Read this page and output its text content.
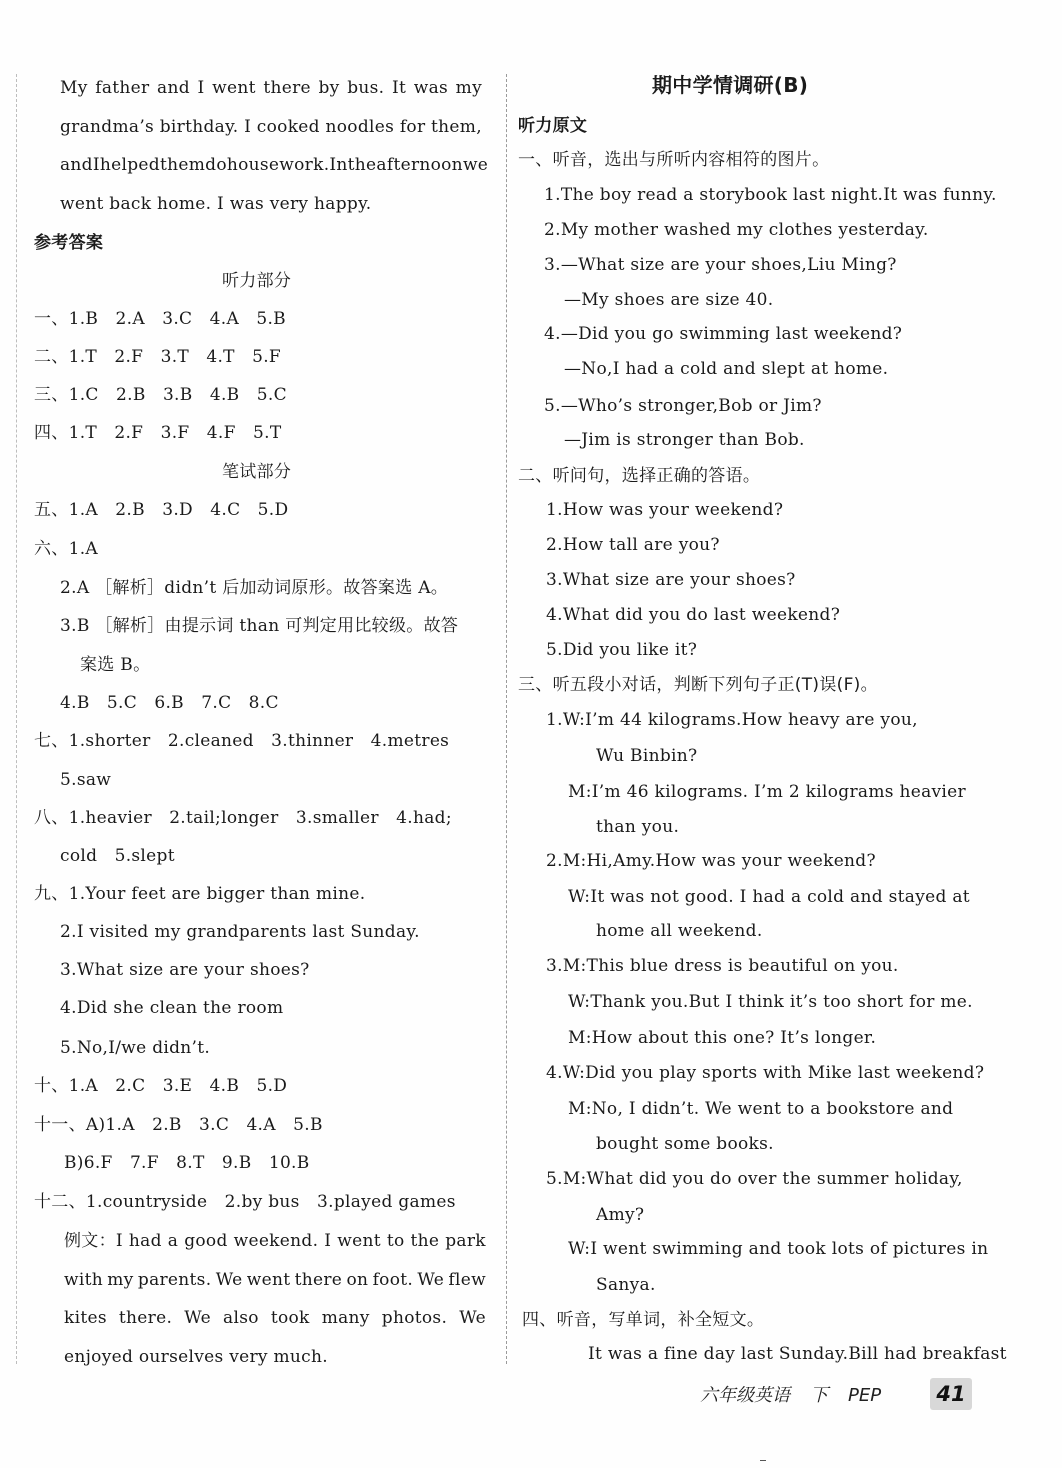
My father and I went there by bus. It was my
grandma’s birthday. I cooked noodles for them,
and I helped them do housework. In the afternoon we
went back home. I was very happy.
参考答案
听力部分
一、1.B　2.A　3.C　4.A　5.B
二、1.T　2.F　3.T　4.T　5.F
三、1.C　2.B　3.B　4.B　5.C
四、1.T　2.F　3.F　4.F　5.T
笔试部分
五、1.A　2.B　3.D　4.C　5.D
六、1.A
2.A ［解析］didn’t 后加动词原形。故答案选 A。
3.B ［解析］由提示词 than 可判定用比较级。故答
案选 B。
4.B　5.C　6.B　7.C　8.C
七、1.shorter　2.cleaned　3.thinner　4.metres
5.saw
八、1.heavier　2.tail;longer　3.smaller　4.had;
cold　5.slept
九、1.Your feet are bigger than mine.
2.I visited my grandparents last Sunday.
3.What size are your shoes?
4.Did she clean the room
5.No,I/we didn’t.
十、1.A　2.C　3.E　4.B　5.D
十一、A)1.A　2.B　3.C　4.A　5.B
B)6.F　7.F　8.T　9.B　10.B
十二、1.countryside　2.by bus　3.played games
例文：I had a good weekend. I went to the park
with my parents. We went there on foot. We flew
kites there. We also took many photos. We
enjoyed ourselves very much.
期中学情调研(B)
听力原文
一、听音，选出与所听内容相符的图片。
1.The boy read a storybook last night.It was funny.
2.My mother washed my clothes yesterday.
3.—What size are your shoes,Liu Ming?
—My shoes are size 40.
4.—Did you go swimming last weekend?
—No,I had a cold and slept at home.
5.—Who’s stronger,Bob or Jim?
—Jim is stronger than Bob.
二、听问句，选择正确的答语。
1.How was your weekend?
2.How tall are you?
3.What size are your shoes?
4.What did you do last weekend?
5.Did you like it?
三、听五段小对话，判断下列句子正(T)误(F)。
1.W:I’m 44 kilograms.How heavy are you,
Wu Binbin?
M:I’m 46 kilograms. I’m 2 kilograms heavier
than you.
2.M:Hi,Amy.How was your weekend?
W:It was not good. I had a cold and stayed at
home all weekend.
3.M:This blue dress is beautiful on you.
W:Thank you.But I think it’s too short for me.
M:How about this one? It’s longer.
4.W:Did you play sports with Mike last weekend?
M:No, I didn’t. We went to a bookstore and
bought some books.
5.M:What did you do over the summer holiday,
Amy?
W:I went swimming and took lots of pictures in
Sanya.
四、听音，写单词，补全短文。
It was a fine day last Sunday.Bill had breakfast
六年级英语 下 PEP	41
